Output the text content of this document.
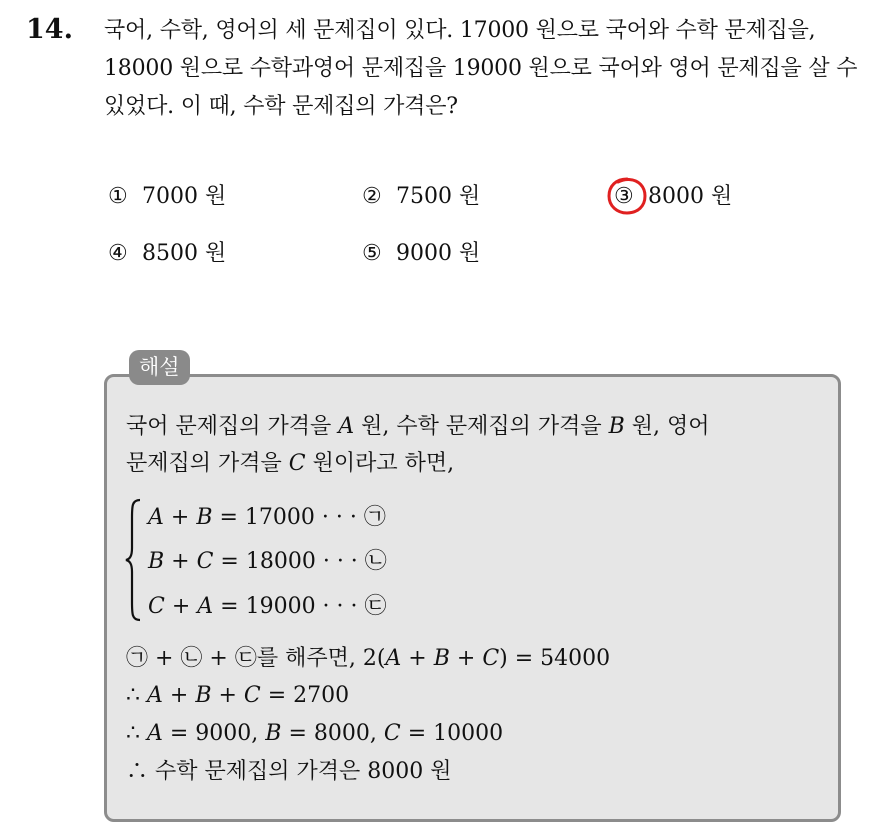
14. 국어, 수학, 영어의 세 문제집이 있다. 17000 원으로 국어와 수학 문제집을, 18000 원으로 수학과영어 문제집을 19000 원으로 국어와 영어 문제집을 살 수 있었다. 이 때, 수학 문제집의 가격은?
① 7000 원	② 7500 원	③ 8000 원
④ 8500 원	⑤ 9000 원
해설
국어 문제집의 가격을 A 원, 수학 문제집의 가격을 B 원, 영어
문제집의 가격을 C 원이라고 하면,
A + B = 17000 · · · ㉠
B + C = 18000 · · · ㉡
C + A = 19000 · · · ㉢
㉠ + ㉡ + ㉢를 해주면, 2(A + B + C) = 54000
∴ A + B + C = 2700
∴ A = 9000, B = 8000, C = 10000
∴ 수학 문제집의 가격은 8000 원
